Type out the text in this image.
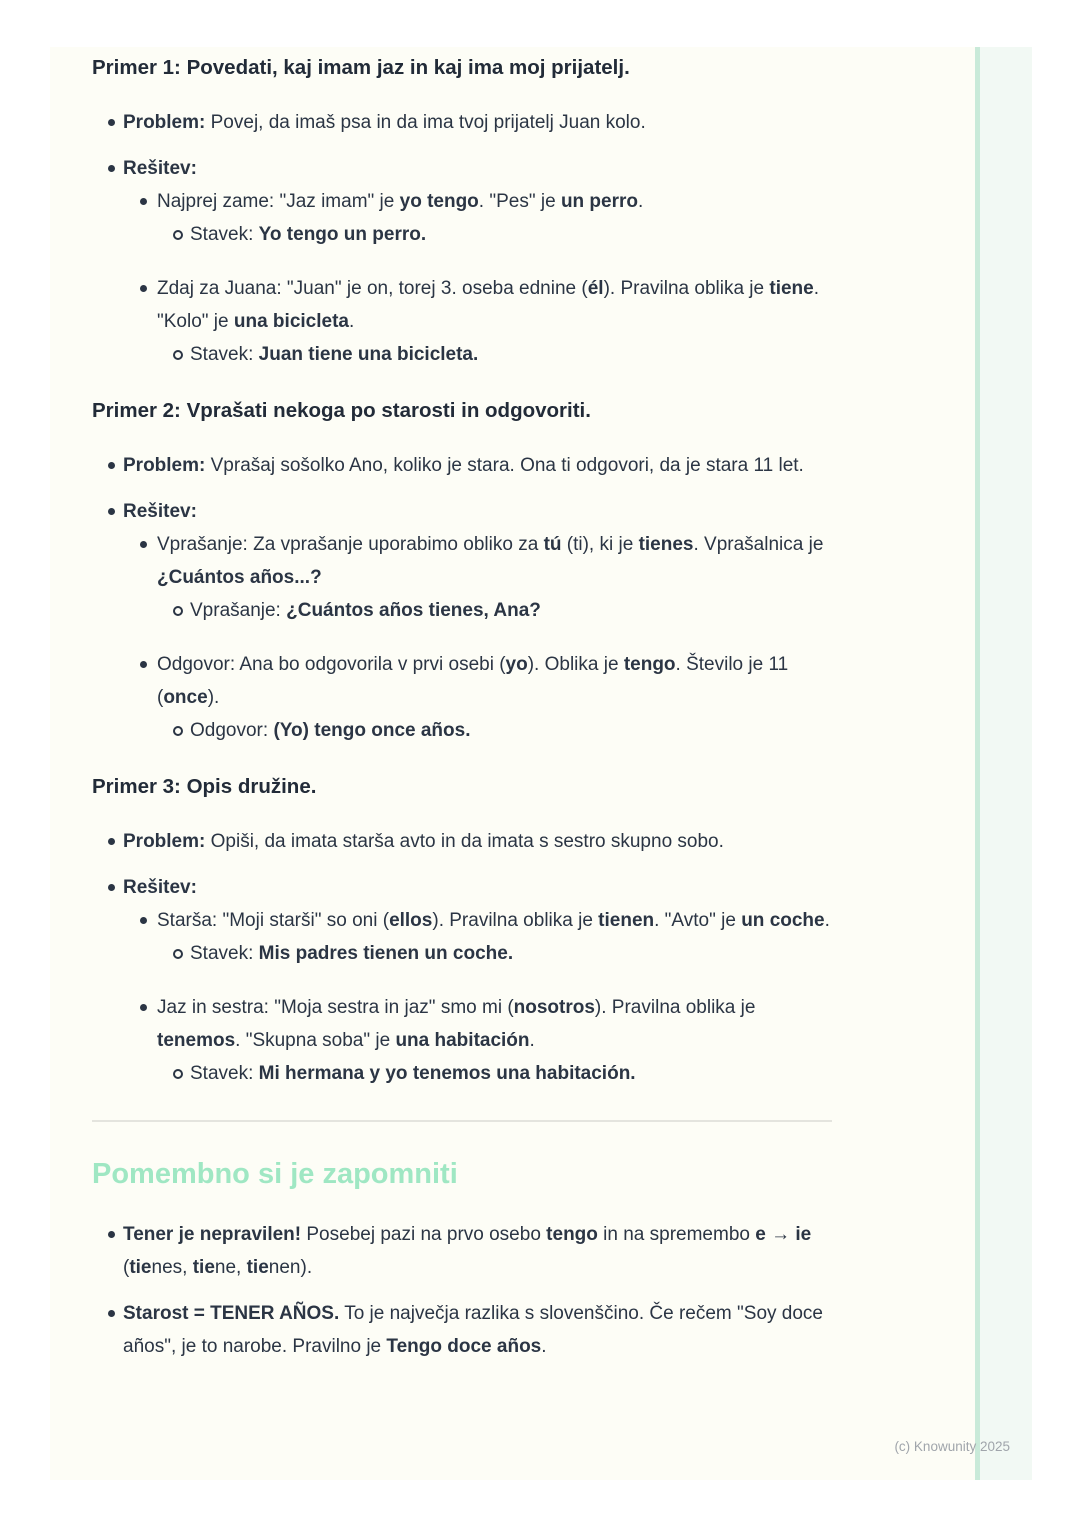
Primer 1: Povedati, kaj imam jaz in kaj ima moj prijatelj.
Problem: Povej, da imaš psa in da ima tvoj prijatelj Juan kolo.
Rešitev:
Najprej zame: "Jaz imam" je yo tengo. "Pes" je un perro.
Stavek: Yo tengo un perro.
Zdaj za Juana: "Juan" je on, torej 3. oseba ednine (él). Pravilna oblika je tiene. "Kolo" je una bicicleta.
Stavek: Juan tiene una bicicleta.
Primer 2: Vprašati nekoga po starosti in odgovoriti.
Problem: Vprašaj sošolko Ano, koliko je stara. Ona ti odgovori, da je stara 11 let.
Rešitev:
Vprašanje: Za vprašanje uporabimo obliko za tú (ti), ki je tienes. Vprašalnica je ¿Cuántos años...?
Vprašanje: ¿Cuántos años tienes, Ana?
Odgovor: Ana bo odgovorila v prvi osebi (yo). Oblika je tengo. Število je 11 (once).
Odgovor: (Yo) tengo once años.
Primer 3: Opis družine.
Problem: Opiši, da imata starša avto in da imata s sestro skupno sobo.
Rešitev:
Starša: "Moji starši" so oni (ellos). Pravilna oblika je tienen. "Avto" je un coche.
Stavek: Mis padres tienen un coche.
Jaz in sestra: "Moja sestra in jaz" smo mi (nosotros). Pravilna oblika je tenemos. "Skupna soba" je una habitación.
Stavek: Mi hermana y yo tenemos una habitación.
Pomembno si je zapomniti
Tener je nepravilen! Posebej pazi na prvo osebo tengo in na spremembo e → ie (tienes, tiene, tienen).
Starost = TENER AÑOS. To je največja razlika s slovenščino. Če rečem "Soy doce años", je to narobe. Pravilno je Tengo doce años.
(c) Knowunity 2025
